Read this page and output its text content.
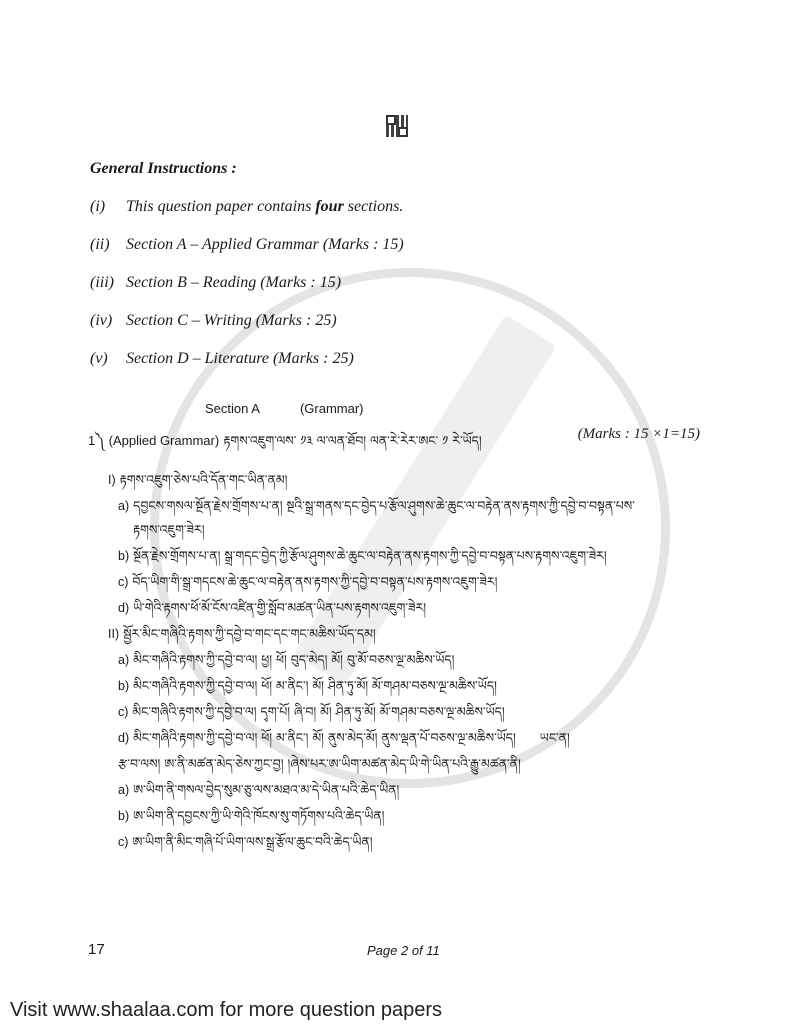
General Instructions :
(i)	This question paper contains four sections.
(ii)	Section A – Applied Grammar (Marks : 15)
(iii) Section B – Reading (Marks : 15)
(iv) Section C – Writing (Marks : 25)
(v)	Section D – Literature (Marks : 25)
Section A	(Grammar)
1༽ (Applied Grammar) རྟགས་འཇུག་ལས་ ༡༣ ལ་ལན་ཐོབ། ལན་རེ་རེར་ཨང་ ༡ རེ་ཡོད།	(Marks : 15 ×1=15)
I) རྟགས་འཇུག་ཅེས་པའི་དོན་གང་ཡིན་ནམ།
a) དབྱངས་གསལ་སྔོན་རྗེས་གྲོགས་པ་ན། སྔའི་སྒྲ་གནས་དང་བྱེད་པ་རྩོལ་ཤུགས་ཆེ་ཆུང་ལ་བརྟེན་ནས་རྟགས་ཀྱི་དབྱེ་བ་བསྟན་པས་
རྟགས་འཇུག་ཟེར།
b) སྔོན་རྗེས་གྲོགས་པ་ན། སྒྲ་གདང་བྱེད་ཀྱི་རྩོལ་ཤུགས་ཆེ་ཆུང་ལ་བརྟེན་ནས་རྟགས་ཀྱི་དབྱེ་བ་བསྟན་པས་རྟགས་འཇུག་ཟེར།
c) བོད་ཡིག་གི་སྒྲ་གདངས་ཆེ་ཆུང་ལ་བརྟེན་ནས་རྟགས་ཀྱི་དབྱེ་བ་བསྟན་པས་རྟགས་འཇུག་ཟེར།
d) ཡི་གེའི་རྟགས་ཕོ་མོ་ངོས་འཛིན་གྱི་སློབ་མཚན་ཡིན་པས་རྟགས་འཇུག་ཟེར།
II) སྦྱོར་མིང་གཞིའི་རྟགས་ཀྱི་དབྱེ་བ་གང་དང་གང་མཆིས་ཡོད་དམ།
a) མིང་གཞིའི་རྟགས་ཀྱི་དབྱེ་བ་ལ། ཕྱ། ཕོ། བུད་མེད། མོ། བུ་མོ་བཅས་ལྔ་མཆིས་ཡོད།
b) མིང་གཞིའི་རྟགས་ཀྱི་དབྱེ་བ་ལ། ཕོ། མ་ནིང་། མོ། ཤིན་ཏུ་མོ། མོ་གཤམ་བཅས་ལྔ་མཆིས་ཡོད།
c) མིང་གཞིའི་རྟགས་ཀྱི་དབྱེ་བ་ལ། དྭག་པོ། ཞི་བ། མོ། ཤིན་ཏུ་མོ། མོ་གཤམ་བཅས་ལྔ་མཆིས་ཡོད།
d) མིང་གཞིའི་རྟགས་ཀྱི་དབྱེ་བ་ལ། ཕོ། མ་ནིང་། མོ། ནུས་མེད་མོ། ནུས་ལྡན་པོ་བཅས་ལྔ་མཆིས་ཡོད། ཡང་ན།
རྩ་བ་ལས། ཨ་ནི་མཚན་མེད་ཅེས་ཀྱང་བྱ། །ཞེས་པར་ཨ་ཡིག་མཚན་མེད་ཡི་གེ་ཡིན་པའི་རྒྱུ་མཚན་ནི།
a) ཨ་ཡིག་ནི་གསལ་བྱེད་སུམ་ཅུ་ལས་མཐའ་མ་དེ་ཡིན་པའི་ཆེད་ཡིན།
b) ཨ་ཡིག་ནི་དབྱངས་ཀྱི་ཡི་གེའི་ཁོངས་སུ་གཏོགས་པའི་ཆེད་ཡིན།
c) ཨ་ཡིག་ནི་མིང་གཞི་པོ་ཡིག་ལས་སྒྲ་རྩོལ་ཆུང་བའི་ཆེད་ཡིན།
17	Page 2 of 11
Visit www.shaalaa.com for more question papers
